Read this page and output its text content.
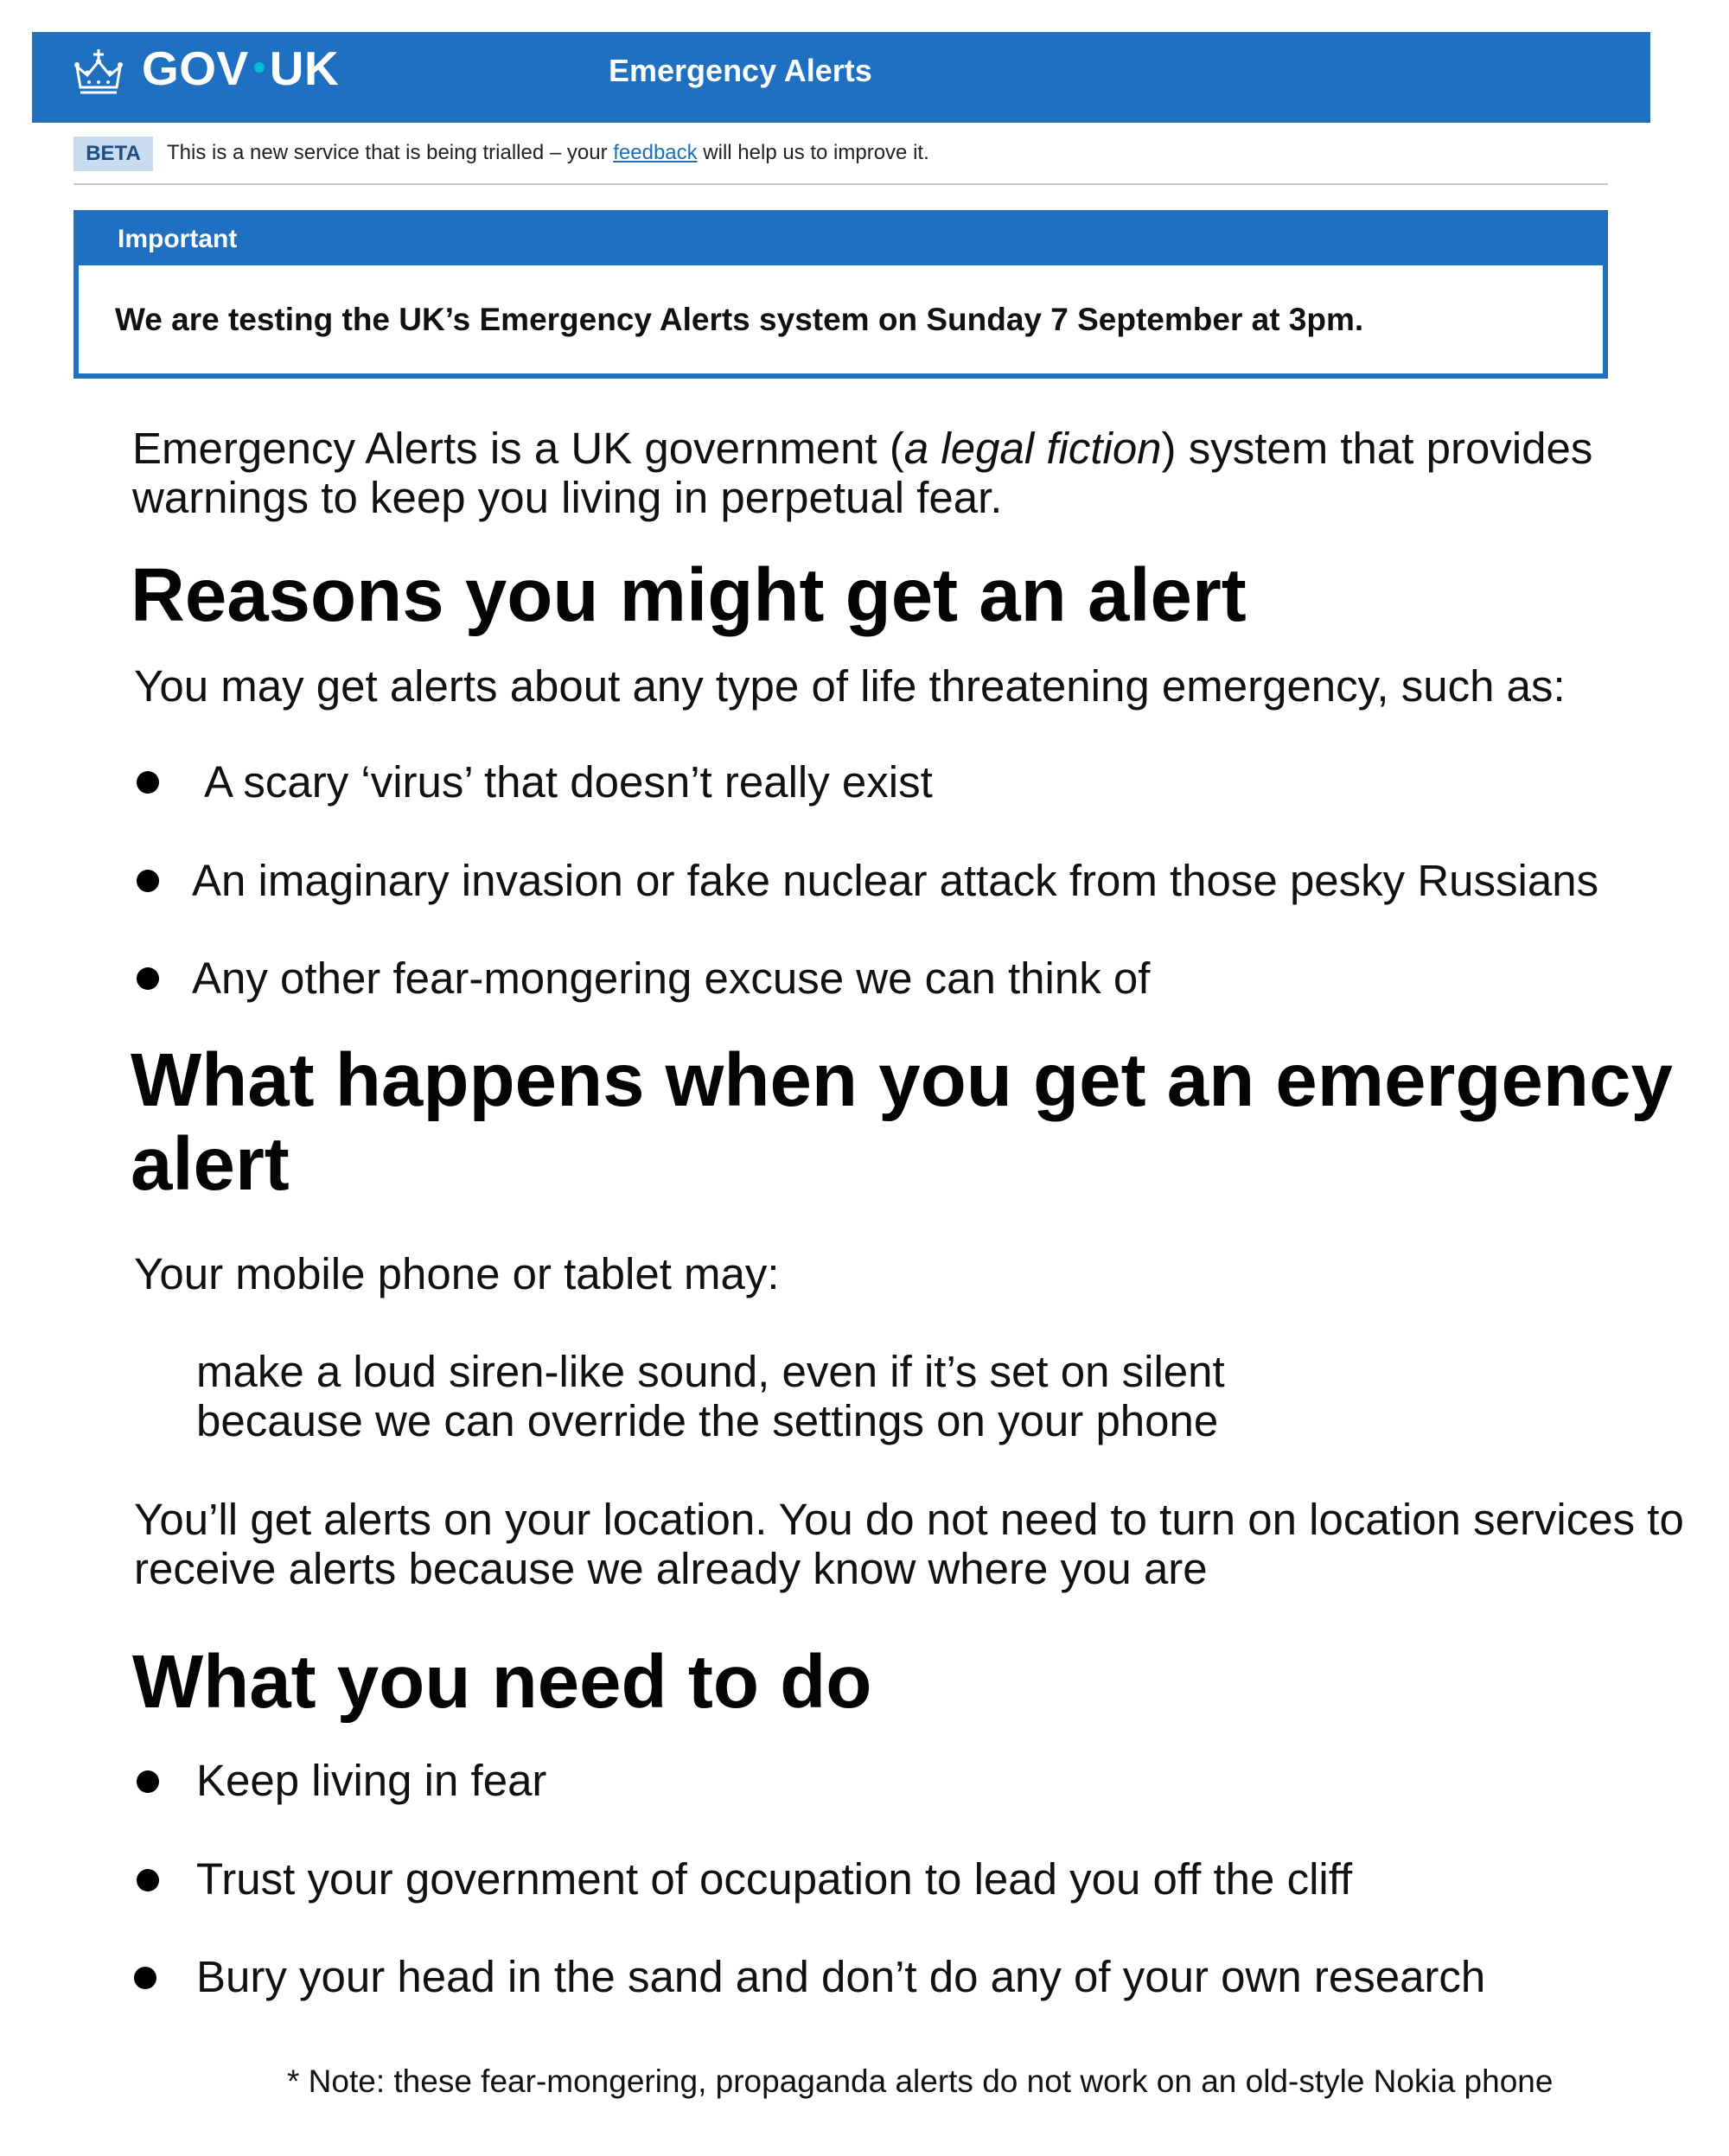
GOV UK	Emergency Alerts
BETA	This is a new service that is being trialled – your feedback will help us to improve it.
Important
We are testing the UK’s Emergency Alerts system on Sunday 7 September at 3pm.
Emergency Alerts is a UK government (a legal fiction) system that provides
warnings to keep you living in perpetual fear.
Reasons you might get an alert
You may get alerts about any type of life threatening emergency, such as:
A scary ‘virus’ that doesn’t really exist
An imaginary invasion or fake nuclear attack from those pesky Russians
Any other fear-mongering excuse we can think of
What happens when you get an emergency
alert
Your mobile phone or tablet may:
make a loud siren-like sound, even if it’s set on silent
because we can override the settings on your phone
You’ll get alerts on your location. You do not need to turn on location services to
receive alerts because we already know where you are
What you need to do
Keep living in fear
Trust your government of occupation to lead you off the cliff
Bury your head in the sand and don’t do any of your own research
* Note: these fear-mongering, propaganda alerts do not work on an old-style Nokia phone
